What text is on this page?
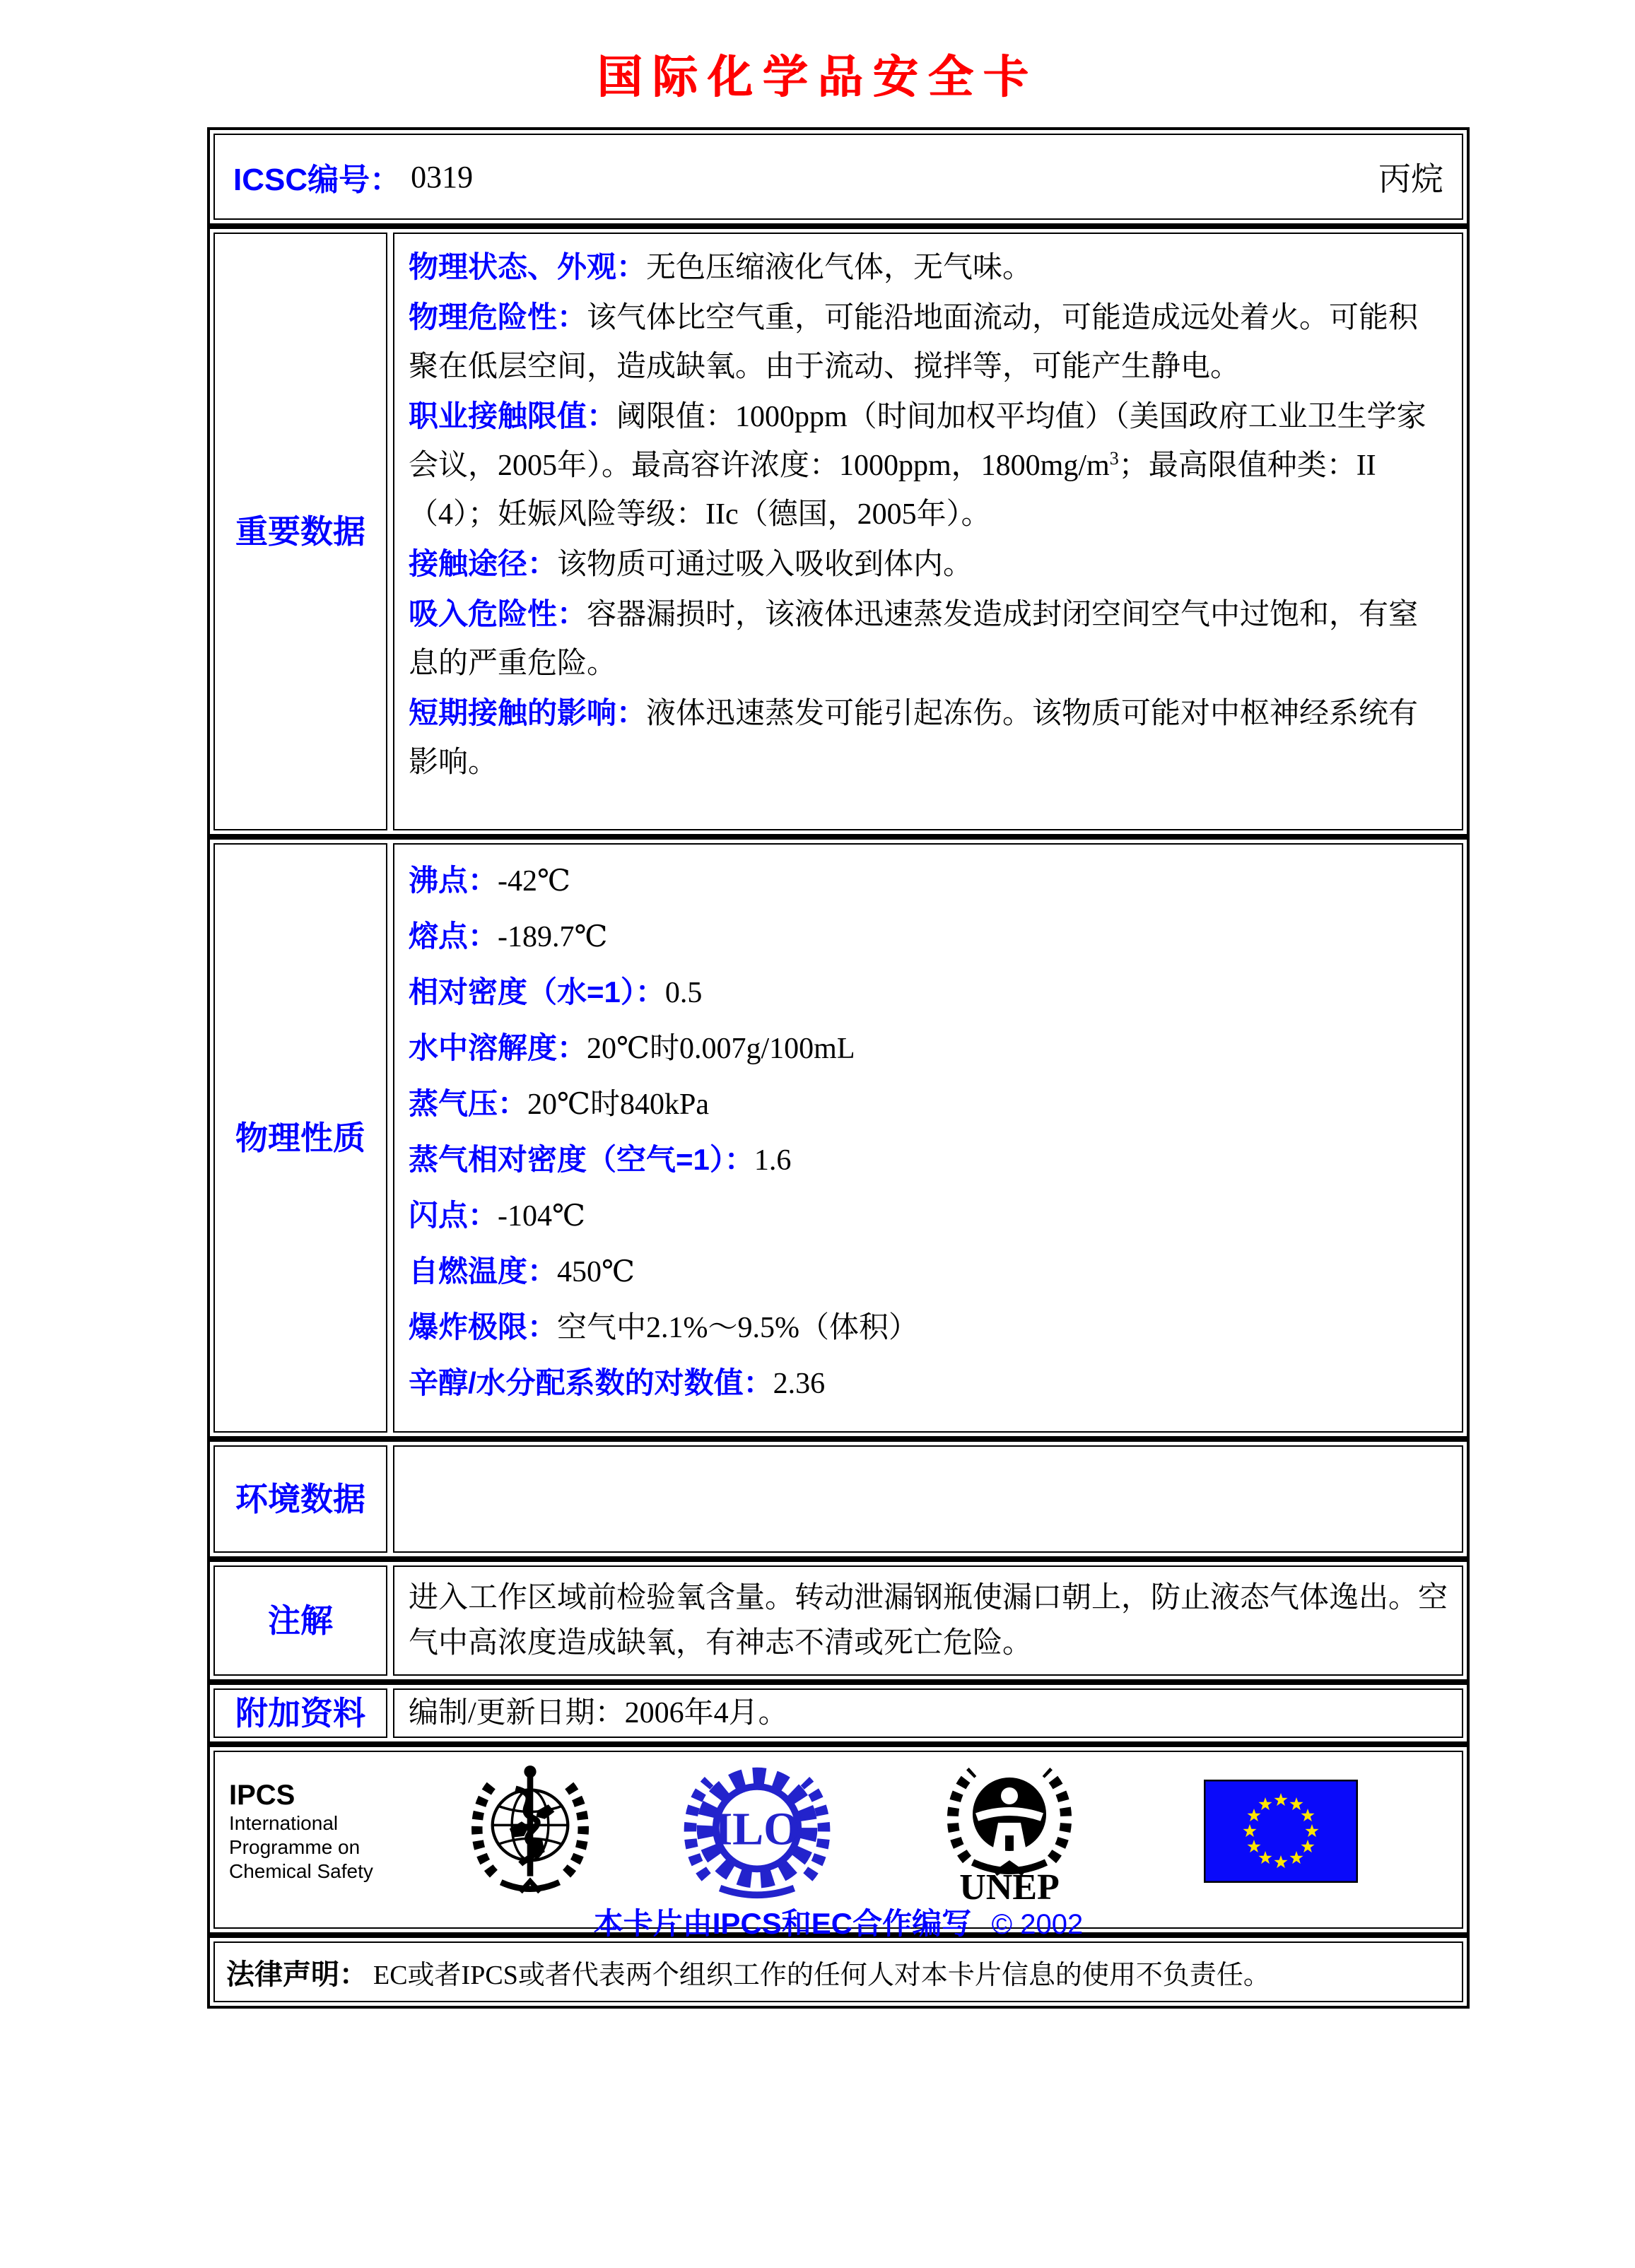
国际化学品安全卡
ICSC编号： 0319	丙烷
重要数据

物理状态、外观：无色压缩液化气体，无气味。

物理危险性：该气体比空气重，可能沿地面流动，可能造成远处着火。可能积聚在低层空间，造成缺氧。由于流动、搅拌等，可能产生静电。

职业接触限值：阈限值：1000ppm（时间加权平均值）（美国政府工业卫生学家会议，2005年）。最高容许浓度：1000ppm，$1800mg/m^3$；最高限值种类：II（4）；妊娠风险等级：IIc（德国，2005年）。

接触途径：该物质可通过吸入吸收到体内。

吸入危险性：容器漏损时，该液体迅速蒸发造成封闭空间空气中过饱和，有窒息的严重危险。

短期接触的影响：液体迅速蒸发可能引起冻伤。该物质可能对中枢神经系统有影响。

物理性质

沸点：-42℃

熔点：-189.7℃

相对密度（水=1）：0.5

水中溶解度：20℃时0.007g/100mL

蒸气压：20℃时840kPa

蒸气相对密度（空气=1）：1.6

闪点：-104℃

自燃温度：450℃

爆炸极限：空气中2.1%～9.5%（体积）

辛醇/水分配系数的对数值：2.36

环境数据
注解

进入工作区域前检验氧含量。转动泄漏钢瓶使漏口朝上，防止液态气体逸出。空气中高浓度造成缺氧，有神志不清或死亡危险。

附加资料 编制/更新日期：2006年4月。

IPCS
International
Programme on
Chemical Safety
ILO
UNEP
本卡片由IPCS和EC合作编写 © 2002
法律声明： EC或者IPCS或者代表两个组织工作的任何人对本卡片信息的使用不负责任。
